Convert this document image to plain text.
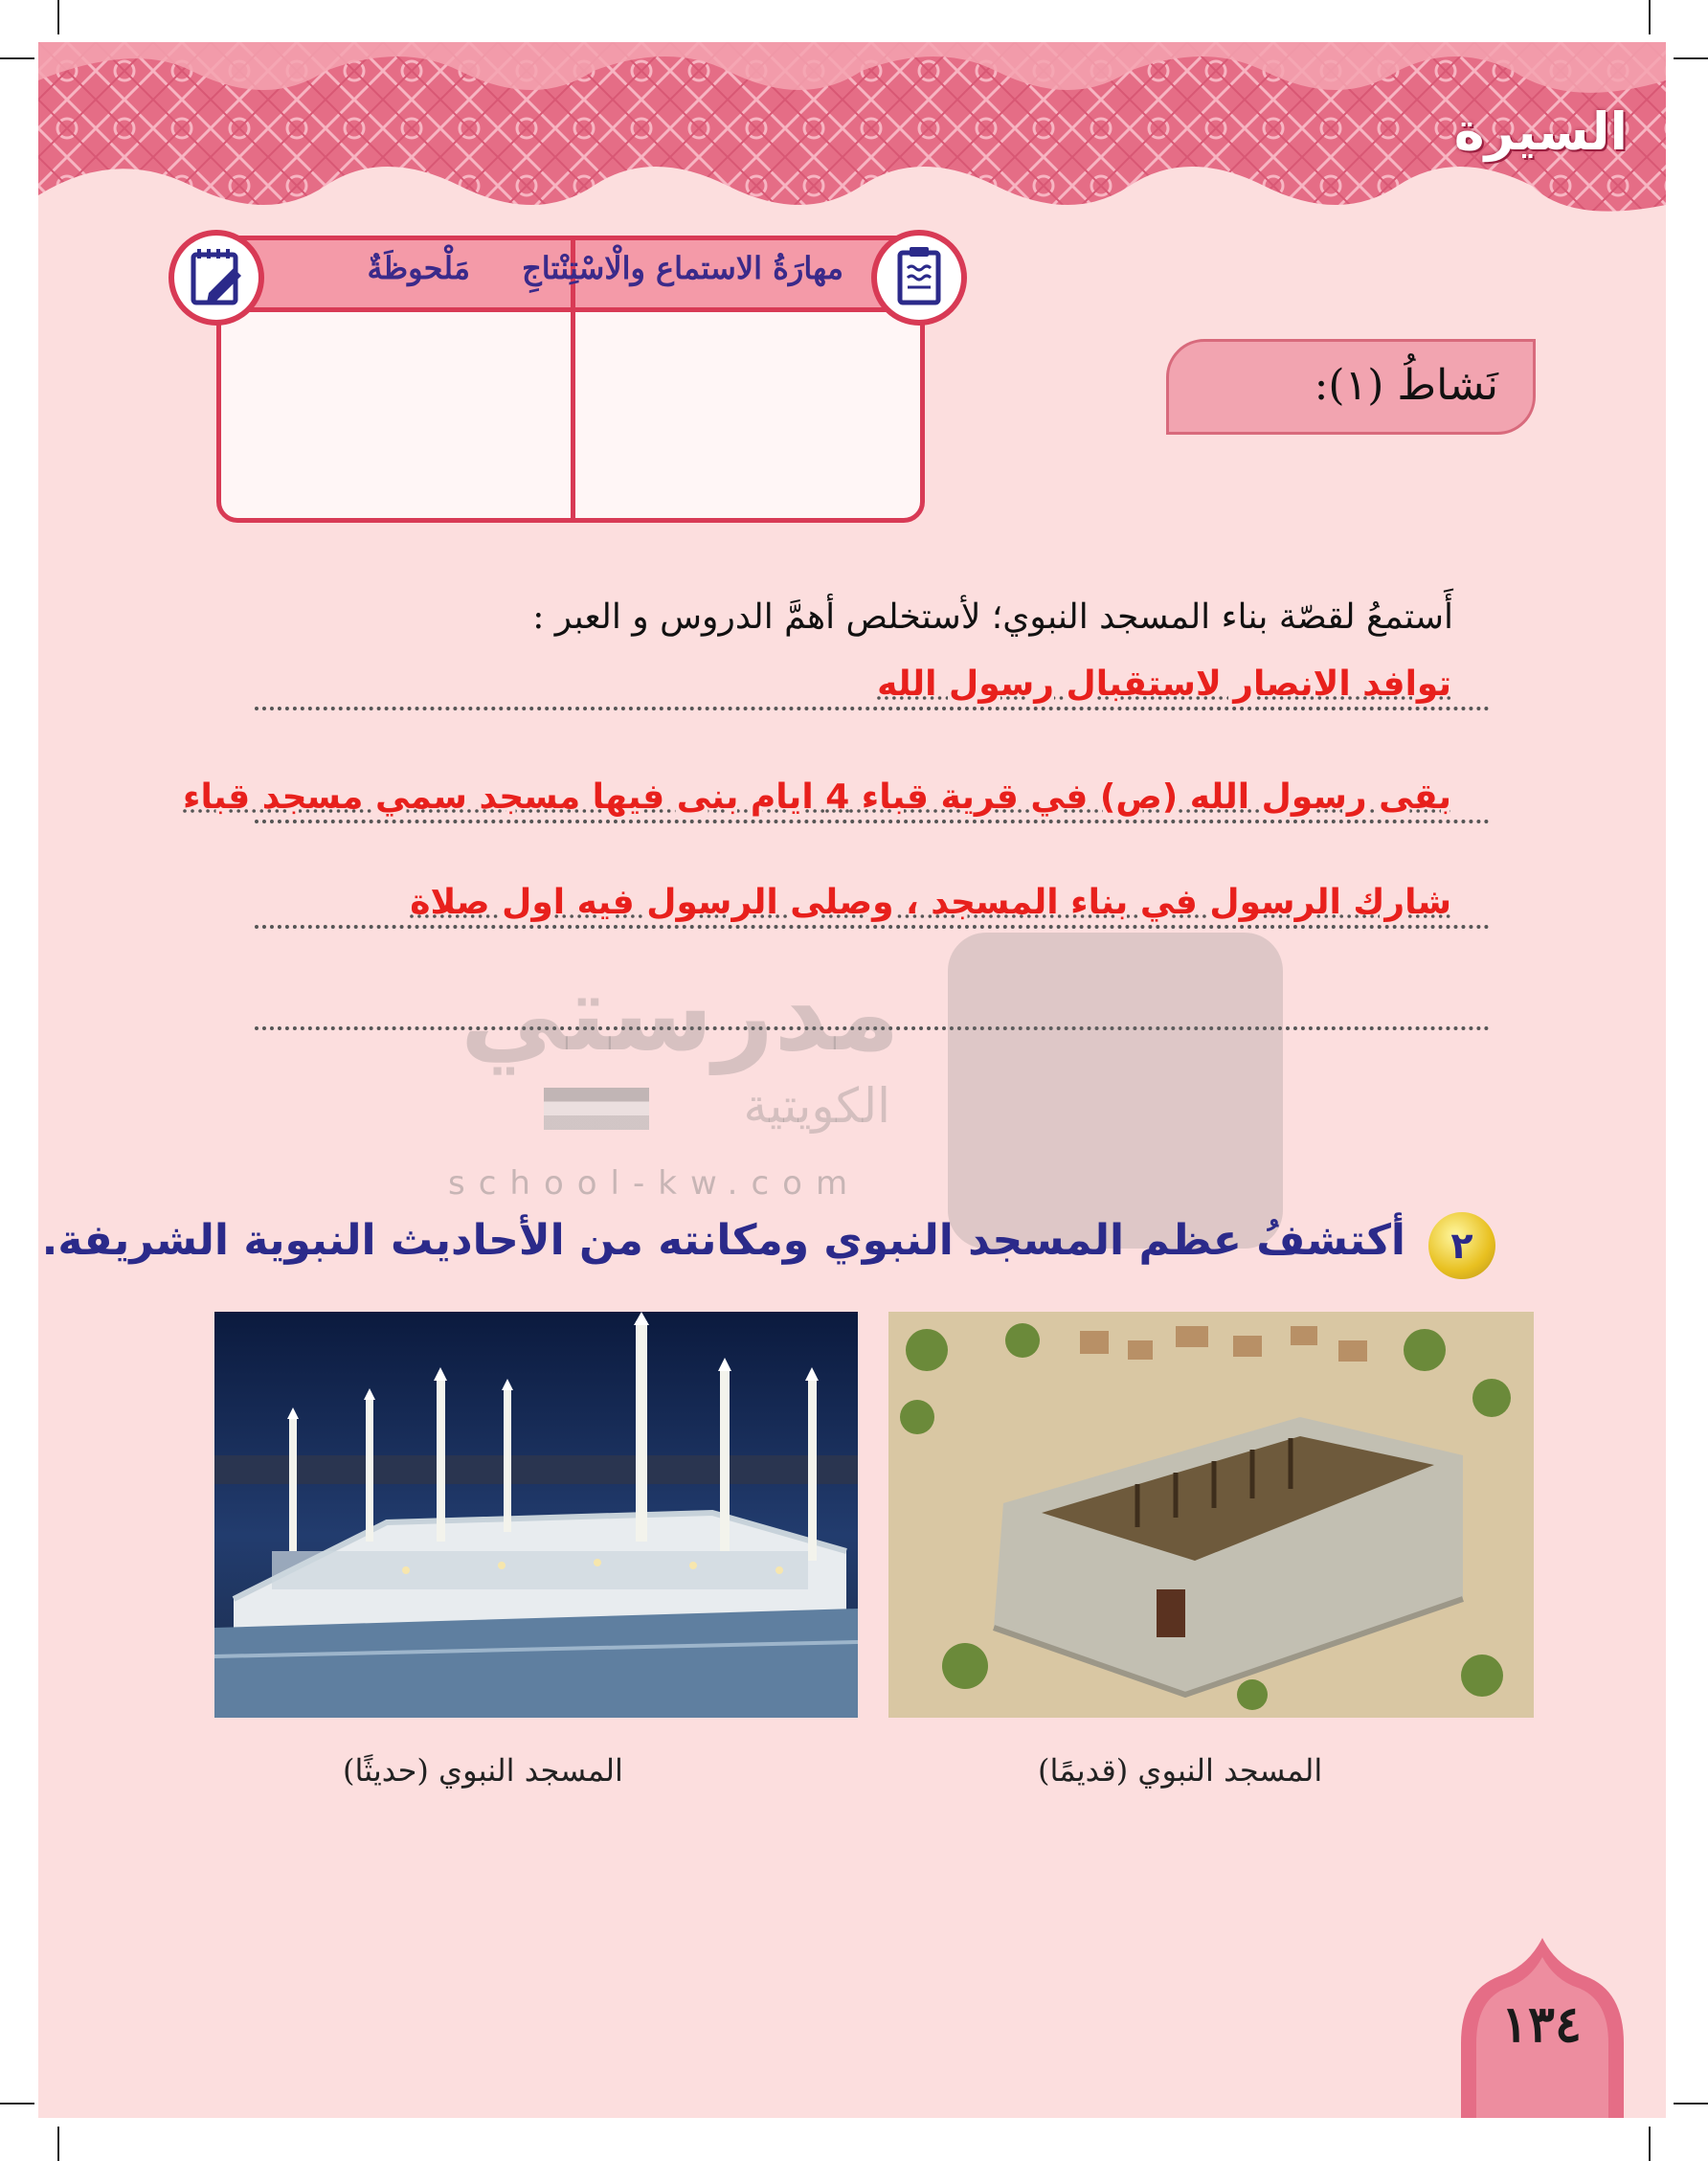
السيرة
مهارَةُ الاستماع والْاسْتِنْتاجِ
مَلْحوظَةٌ
نَشاطُ (١):
أَستمعُ لقصّة بناء المسجد النبوي؛ لأستخلص أهمَّ الدروس و العبر :
توافد الانصار لاستقبال رسول الله
بقى رسول الله (ص) في قرية قباء 4 ايام بنى فيها مسجد سمي مسجد قباء
شارك الرسول في بناء المسجد ، وصلى الرسول فيه اول صلاة
مدرستي
الكويتية
school-kw.com
٢
أكتشفُ عظم المسجد النبوي ومكانته من الأحاديث النبوية الشريفة.
المسجد النبوي (حديثًا)	المسجد النبوي (قديمًا)
١٣٤
